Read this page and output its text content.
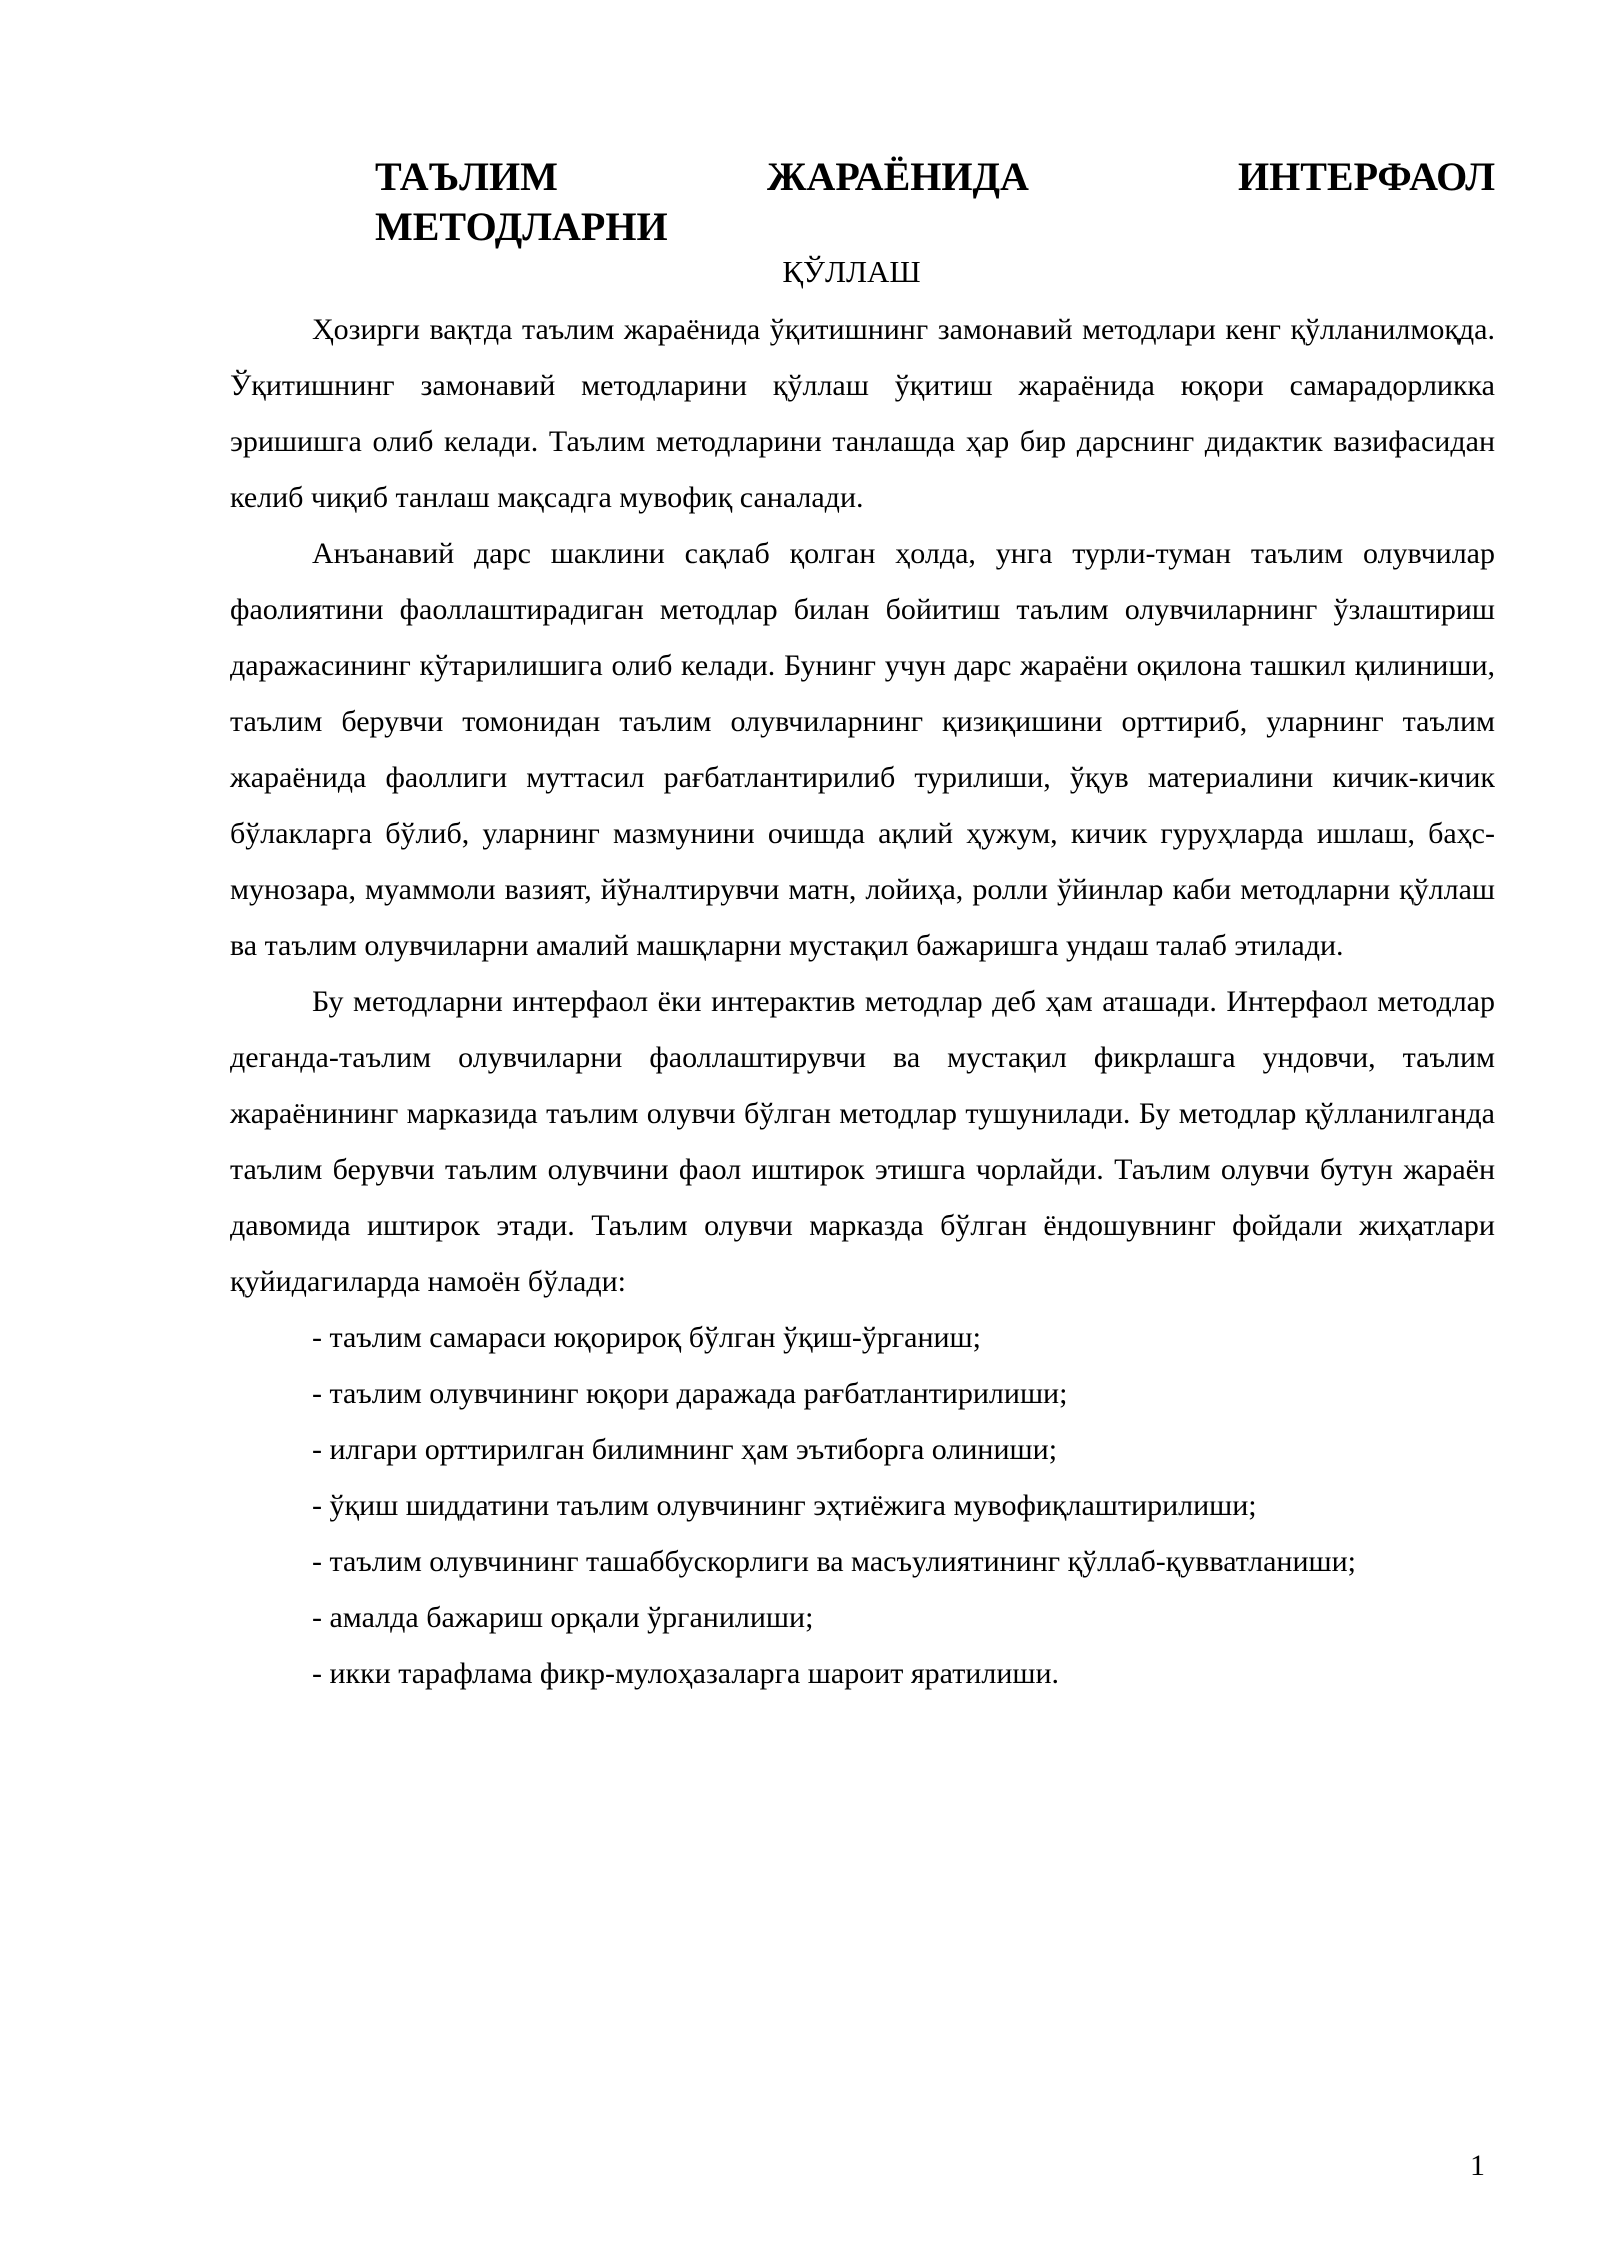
ТАЪЛИМ ЖАРАЁНИДА ИНТЕРФАОЛ
МЕТОДЛАРНИ

ҚЎЛЛАШ

Ҳозирги вақтда таълим жараёнида ўқитишнинг замонавий методлари кенг қўлланилмоқда. Ўқитишнинг замонавий методларини қўллаш ўқитиш жараёнида юқори самарадорликка эришишга олиб келади. Таълим методларини танлашда ҳар бир дарснинг дидактик вазифасидан келиб чиқиб танлаш мақсадга мувофиқ саналади.

Анъанавий дарс шаклини сақлаб қолган ҳолда, унга турли-туман таълим олувчилар фаолиятини фаоллаштирадиган методлар билан бойитиш таълим олувчиларнинг ўзлаштириш даражасининг кўтарилишига олиб келади. Бунинг учун дарс жараёни оқилона ташкил қилиниши, таълим берувчи томонидан таълим олувчиларнинг қизиқишини орттириб, уларнинг таълим жараёнида фаоллиги муттасил рағбатлантирилиб турилиши, ўқув материалини кичик-кичик бўлакларга бўлиб, уларнинг мазмунини очишда ақлий ҳужум, кичик гуруҳларда ишлаш, баҳс-мунозара, муаммоли вазият, йўналтирувчи матн, лойиҳа, ролли ўйинлар каби методларни қўллаш ва таълим олувчиларни амалий машқларни мустақил бажаришга ундаш талаб этилади.

Бу методларни интерфаол ёки интерактив методлар деб ҳам аташади. Интерфаол методлар деганда-таълим олувчиларни фаоллаштирувчи ва мустақил фикрлашга ундовчи, таълим жараёнининг марказида таълим олувчи бўлган методлар тушунилади. Бу методлар қўлланилганда таълим берувчи таълим олувчини фаол иштирок этишга чорлайди. Таълим олувчи бутун жараён давомида иштирок этади. Таълим олувчи марказда бўлган ёндошувнинг фойдали жиҳатлари қуйидагиларда намоён бўлади:

- таълим самараси юқорироқ бўлган ўқиш-ўрганиш;
- таълим олувчининг юқори даражада рағбатлантирилиши;
- илгари орттирилган билимнинг ҳам эътиборга олиниши;
- ўқиш шиддатини таълим олувчининг эҳтиёжига мувофиқлаштирилиши;
- таълим олувчининг ташаббускорлиги ва масъулиятининг қўллаб-қувватланиши;
- амалда бажариш орқали ўрганилиши;
- икки тарафлама фикр-мулоҳазаларга шароит яратилиши.
1
